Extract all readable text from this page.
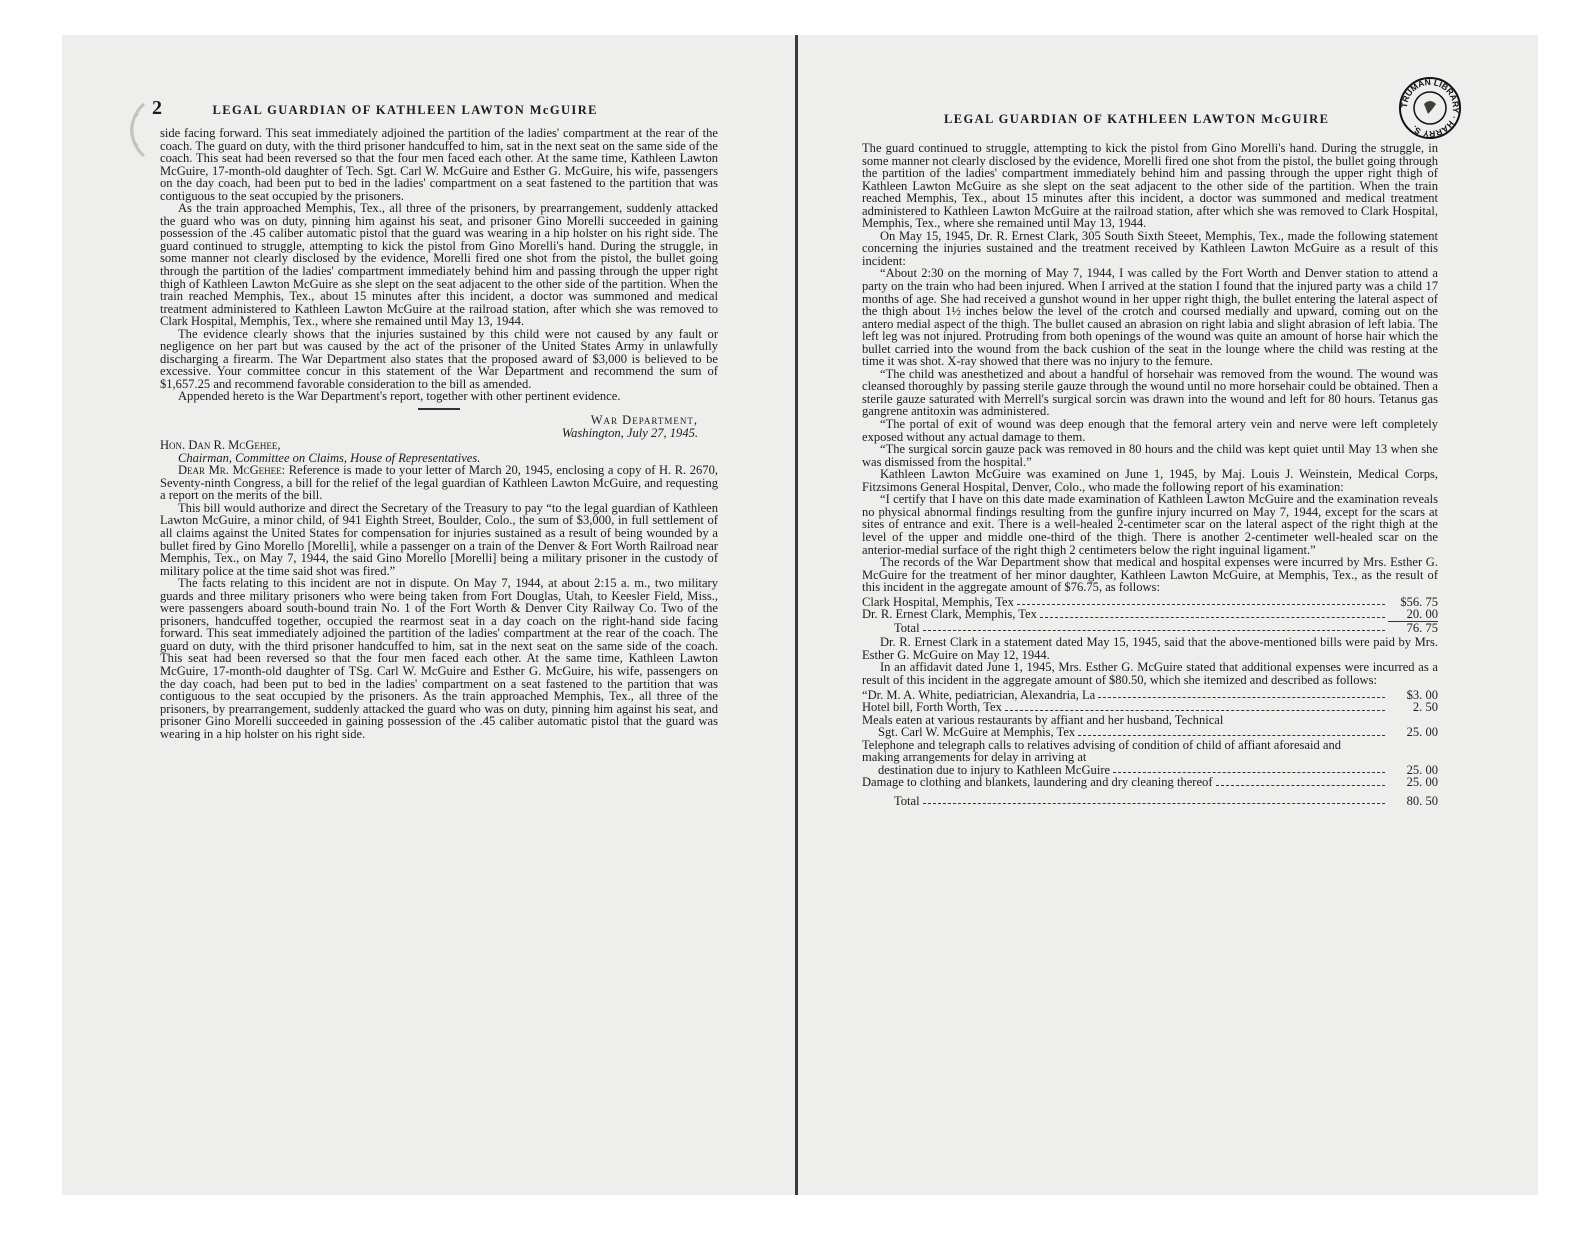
2	LEGAL GUARDIAN OF KATHLEEN LAWTON McGUIRE

side facing forward. This seat immediately adjoined the partition of the ladies' compartment at the rear of the coach. The guard on duty, with the third prisoner handcuffed to him, sat in the next seat on the same side of the coach. This seat had been reversed so that the four men faced each other. At the same time, Kathleen Lawton McGuire, 17-month-old daughter of Tech. Sgt. Carl W. McGuire and Esther G. McGuire, his wife, passengers on the day coach, had been put to bed in the ladies' compartment on a seat fastened to the partition that was contiguous to the seat occupied by the prisoners.

As the train approached Memphis, Tex., all three of the prisoners, by prearrangement, suddenly attacked the guard who was on duty, pinning him against his seat, and prisoner Gino Morelli succeeded in gaining possession of the .45 caliber automatic pistol that the guard was wearing in a hip holster on his right side. The guard continued to struggle, attempting to kick the pistol from Gino Morelli's hand. During the struggle, in some manner not clearly disclosed by the evidence, Morelli fired one shot from the pistol, the bullet going through the partition of the ladies' compartment immediately behind him and passing through the upper right thigh of Kathleen Lawton McGuire as she slept on the seat adjacent to the other side of the partition. When the train reached Memphis, Tex., about 15 minutes after this incident, a doctor was summoned and medical treatment administered to Kathleen Lawton McGuire at the railroad station, after which she was removed to Clark Hospital, Memphis, Tex., where she remained until May 13, 1944.

The evidence clearly shows that the injuries sustained by this child were not caused by any fault or negligence on her part but was caused by the act of the prisoner of the United States Army in unlawfully discharging a firearm. The War Department also states that the proposed award of $3,000 is believed to be excessive. Your committee concur in this statement of the War Department and recommend the sum of $1,657.25 and recommend favorable consideration to the bill as amended.

Appended hereto is the War Department's report, together with other pertinent evidence.

War Department,
Washington, July 27, 1945.
Hon. Dan R. McGehee,
Chairman, Committee on Claims, House of Representatives.

Dear Mr. McGehee: Reference is made to your letter of March 20, 1945, enclosing a copy of H. R. 2670, Seventy-ninth Congress, a bill for the relief of the legal guardian of Kathleen Lawton McGuire, and requesting a report on the merits of the bill.

This bill would authorize and direct the Secretary of the Treasury to pay “to the legal guardian of Kathleen Lawton McGuire, a minor child, of 941 Eighth Street, Boulder, Colo., the sum of $3,000, in full settlement of all claims against the United States for compensation for injuries sustained as a result of being wounded by a bullet fired by Gino Morello [Morelli], while a passenger on a train of the Denver & Fort Worth Railroad near Memphis, Tex., on May 7, 1944, the said Gino Morello [Morelli] being a military prisoner in the custody of military police at the time said shot was fired.”

The facts relating to this incident are not in dispute. On May 7, 1944, at about 2:15 a. m., two military guards and three military prisoners who were being taken from Fort Douglas, Utah, to Keesler Field, Miss., were passengers aboard south-bound train No. 1 of the Fort Worth & Denver City Railway Co. Two of the prisoners, handcuffed together, occupied the rearmost seat in a day coach on the right-hand side facing forward. This seat immediately adjoined the partition of the ladies' compartment at the rear of the coach. The guard on duty, with the third prisoner handcuffed to him, sat in the next seat on the same side of the coach. This seat had been reversed so that the four men faced each other. At the same time, Kathleen Lawton McGuire, 17-month-old daughter of TSg. Carl W. McGuire and Esther G. McGuire, his wife, passengers on the day coach, had been put to bed in the ladies' compartment on a seat fastened to the partition that was contiguous to the seat occupied by the prisoners. As the train approached Memphis, Tex., all three of the prisoners, by prearrangement, suddenly attacked the guard who was on duty, pinning him against his seat, and prisoner Gino Morelli succeeded in gaining possession of the .45 caliber automatic pistol that the guard was wearing in a hip holster on his right side.

LEGAL GUARDIAN OF KATHLEEN LAWTON McGUIRE

The guard continued to struggle, attempting to kick the pistol from Gino Morelli's hand. During the struggle, in some manner not clearly disclosed by the evidence, Morelli fired one shot from the pistol, the bullet going through the partition of the ladies' compartment immediately behind him and passing through the upper right thigh of Kathleen Lawton McGuire as she slept on the seat adjacent to the other side of the partition. When the train reached Memphis, Tex., about 15 minutes after this incident, a doctor was summoned and medical treatment administered to Kathleen Lawton McGuire at the railroad station, after which she was removed to Clark Hospital, Memphis, Tex., where she remained until May 13, 1944.

On May 15, 1945, Dr. R. Ernest Clark, 305 South Sixth Steeet, Memphis, Tex., made the following statement concerning the injuries sustained and the treatment received by Kathleen Lawton McGuire as a result of this incident:

“About 2:30 on the morning of May 7, 1944, I was called by the Fort Worth and Denver station to attend a party on the train who had been injured. When I arrived at the station I found that the injured party was a child 17 months of age. She had received a gunshot wound in her upper right thigh, the bullet entering the lateral aspect of the thigh about 1½ inches below the level of the crotch and coursed medially and upward, coming out on the antero medial aspect of the thigh. The bullet caused an abrasion on right labia and slight abrasion of left labia. The left leg was not injured. Protruding from both openings of the wound was quite an amount of horse hair which the bullet carried into the wound from the back cushion of the seat in the lounge where the child was resting at the time it was shot. X-ray showed that there was no injury to the femure.

“The child was anesthetized and about a handful of horsehair was removed from the wound. The wound was cleansed thoroughly by passing sterile gauze through the wound until no more horsehair could be obtained. Then a sterile gauze saturated with Merrell's surgical sorcin was drawn into the wound and left for 80 hours. Tetanus gas gangrene antitoxin was administered.

“The portal of exit of wound was deep enough that the femoral artery vein and nerve were left completely exposed without any actual damage to them.

“The surgical sorcin gauze pack was removed in 80 hours and the child was kept quiet until May 13 when she was dismissed from the hospital.”

Kathleen Lawton McGuire was examined on June 1, 1945, by Maj. Louis J. Weinstein, Medical Corps, Fitzsimons General Hospital, Denver, Colo., who made the following report of his examination:

“I certify that I have on this date made examination of Kathleen Lawton McGuire and the examination reveals no physical abnormal findings resulting from the gunfire injury incurred on May 7, 1944, except for the scars at sites of entrance and exit. There is a well-healed 2-centimeter scar on the lateral aspect of the right thigh at the level of the upper and middle one-third of the thigh. There is another 2-centimeter well-healed scar on the anterior-medial surface of the right thigh 2 centimeters below the right inguinal ligament.”

The records of the War Department show that medical and hospital expenses were incurred by Mrs. Esther G. McGuire for the treatment of her minor daughter, Kathleen Lawton McGuire, at Memphis, Tex., as the result of this incident in the aggregate amount of $76.75, as follows:

Clark Hospital, Memphis, Tex	$56. 75
Dr. R. Ernest Clark, Memphis, Tex	20. 00
Total	76. 75

Dr. R. Ernest Clark in a statement dated May 15, 1945, said that the above-mentioned bills were paid by Mrs. Esther G. McGuire on May 12, 1944.

In an affidavit dated June 1, 1945, Mrs. Esther G. McGuire stated that additional expenses were incurred as a result of this incident in the aggregate amount of $80.50, which she itemized and described as follows:

“Dr. M. A. White, pediatrician, Alexandria, La	$3. 00
Hotel bill, Forth Worth, Tex	2. 50
Meals eaten at various restaurants by affiant and her husband, Technical
Sgt. Carl W. McGuire at Memphis, Tex	25. 00
Telephone and telegraph calls to relatives advising of condition of child of affiant aforesaid and making arrangements for delay in arriving at
destination due to injury to Kathleen McGuire	25. 00
Damage to clothing and blankets, laundering and dry cleaning thereof	25. 00
Total	80. 50
TRUMAN LIBRARY · HARRY S.
